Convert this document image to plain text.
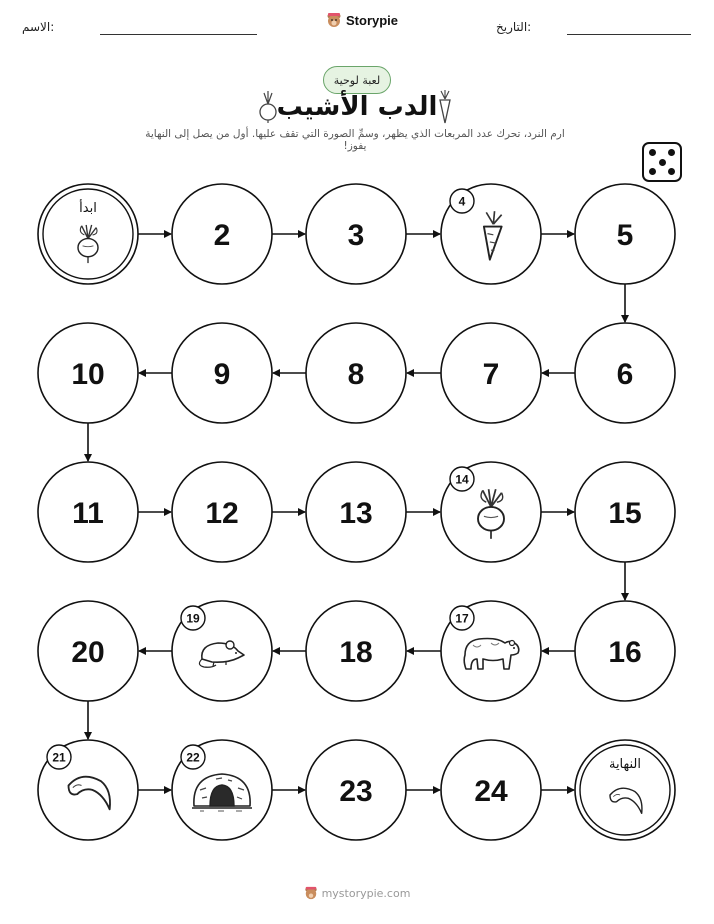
الاسم:	Storypie	التاريخ:
لعبة لوحية
الدب الأشيب
ارم النرد، تحرك عدد المربعات الذي يظهر، وسمِّ الصورة التي تقف عليها. أول من يصل إلى النهاية يفوز!
ابدأ
2	3
4
5
6
7
8
9
10
11	12	13
14
15
16
17
18
19
20
21	22
23	24
النهاية
mystorypie.com
